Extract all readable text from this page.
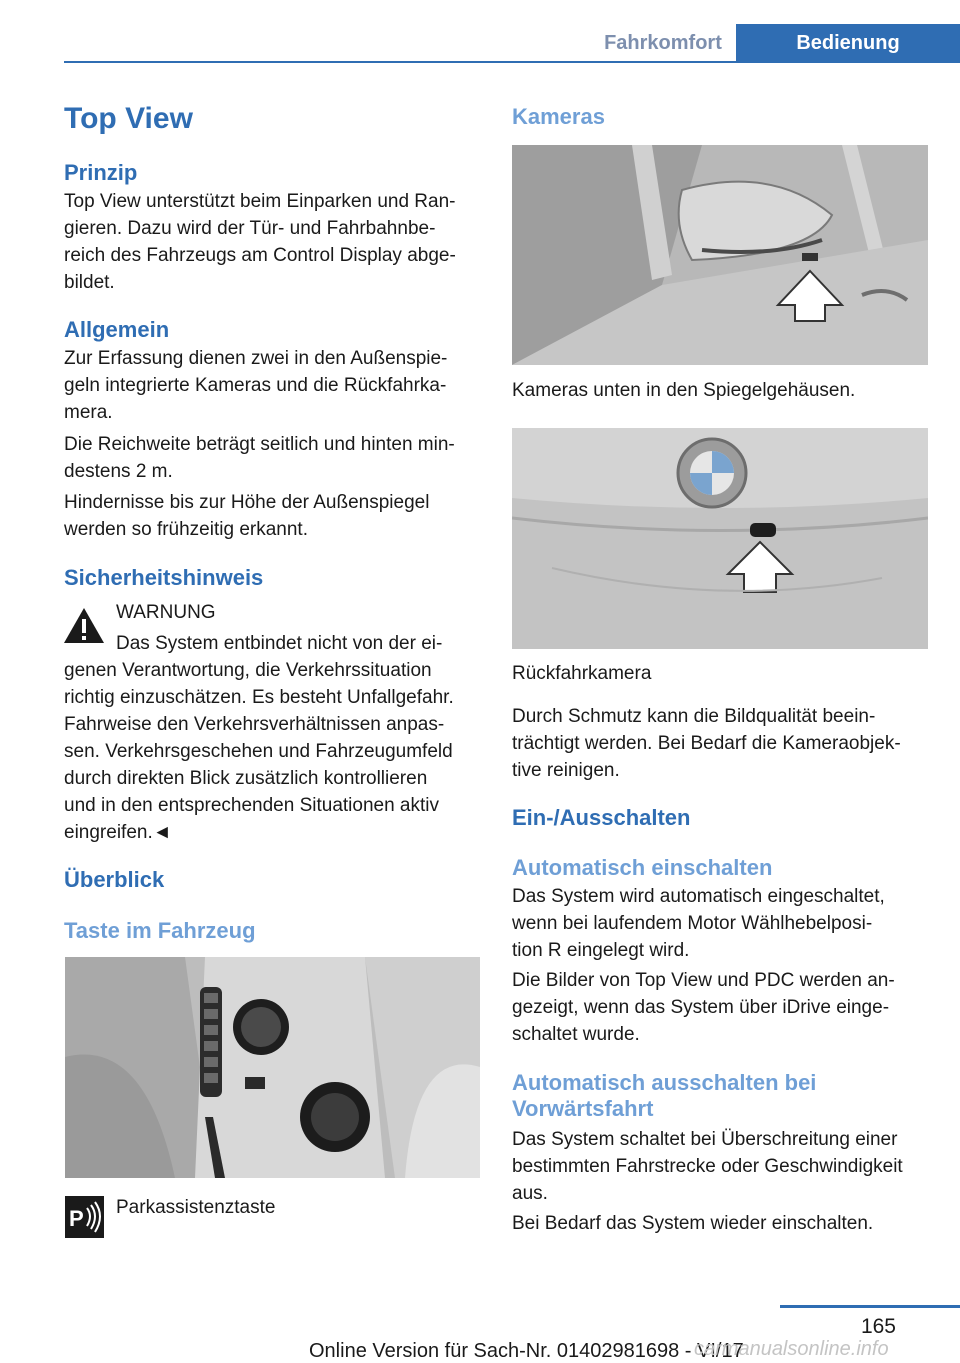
Fahrkomfort	Bedienung
Top View
Prinzip
Top View unterstützt beim Einparken und Ran-
gieren. Dazu wird der Tür- und Fahrbahnbe-
reich des Fahrzeugs am Control Display abge-
bildet.
Allgemein
Zur Erfassung dienen zwei in den Außenspie-
geln integrierte Kameras und die Rückfahrka-
mera.
Die Reichweite beträgt seitlich und hinten min-
destens 2 m.
Hindernisse bis zur Höhe der Außenspiegel
werden so frühzeitig erkannt.
Sicherheitshinweis
WARNUNG
Das System entbindet nicht von der ei-
genen Verantwortung, die Verkehrssituation
richtig einzuschätzen. Es besteht Unfallgefahr.
Fahrweise den Verkehrsverhältnissen anpas-
sen. Verkehrsgeschehen und Fahrzeugumfeld
durch direkten Blick zusätzlich kontrollieren
und in den entsprechenden Situationen aktiv
eingreifen.◄
Überblick
Taste im Fahrzeug
P Parkassistenztaste
Kameras
Kameras unten in den Spiegelgehäusen.
Rückfahrkamera
Durch Schmutz kann die Bildqualität beein-
trächtigt werden. Bei Bedarf die Kameraobjek-
tive reinigen.
Ein-/Ausschalten
Automatisch einschalten
Das System wird automatisch eingeschaltet,
wenn bei laufendem Motor Wählhebelposi-
tion R eingelegt wird.
Die Bilder von Top View und PDC werden an-
gezeigt, wenn das System über iDrive einge-
schaltet wurde.
Automatisch ausschalten bei
Vorwärtsfahrt
Das System schaltet bei Überschreitung einer
bestimmten Fahrstrecke oder Geschwindigkeit
aus.
Bei Bedarf das System wieder einschalten.
165
Online Version für Sach-Nr. 01402981698 - VI/17
carmanualsonline.info
